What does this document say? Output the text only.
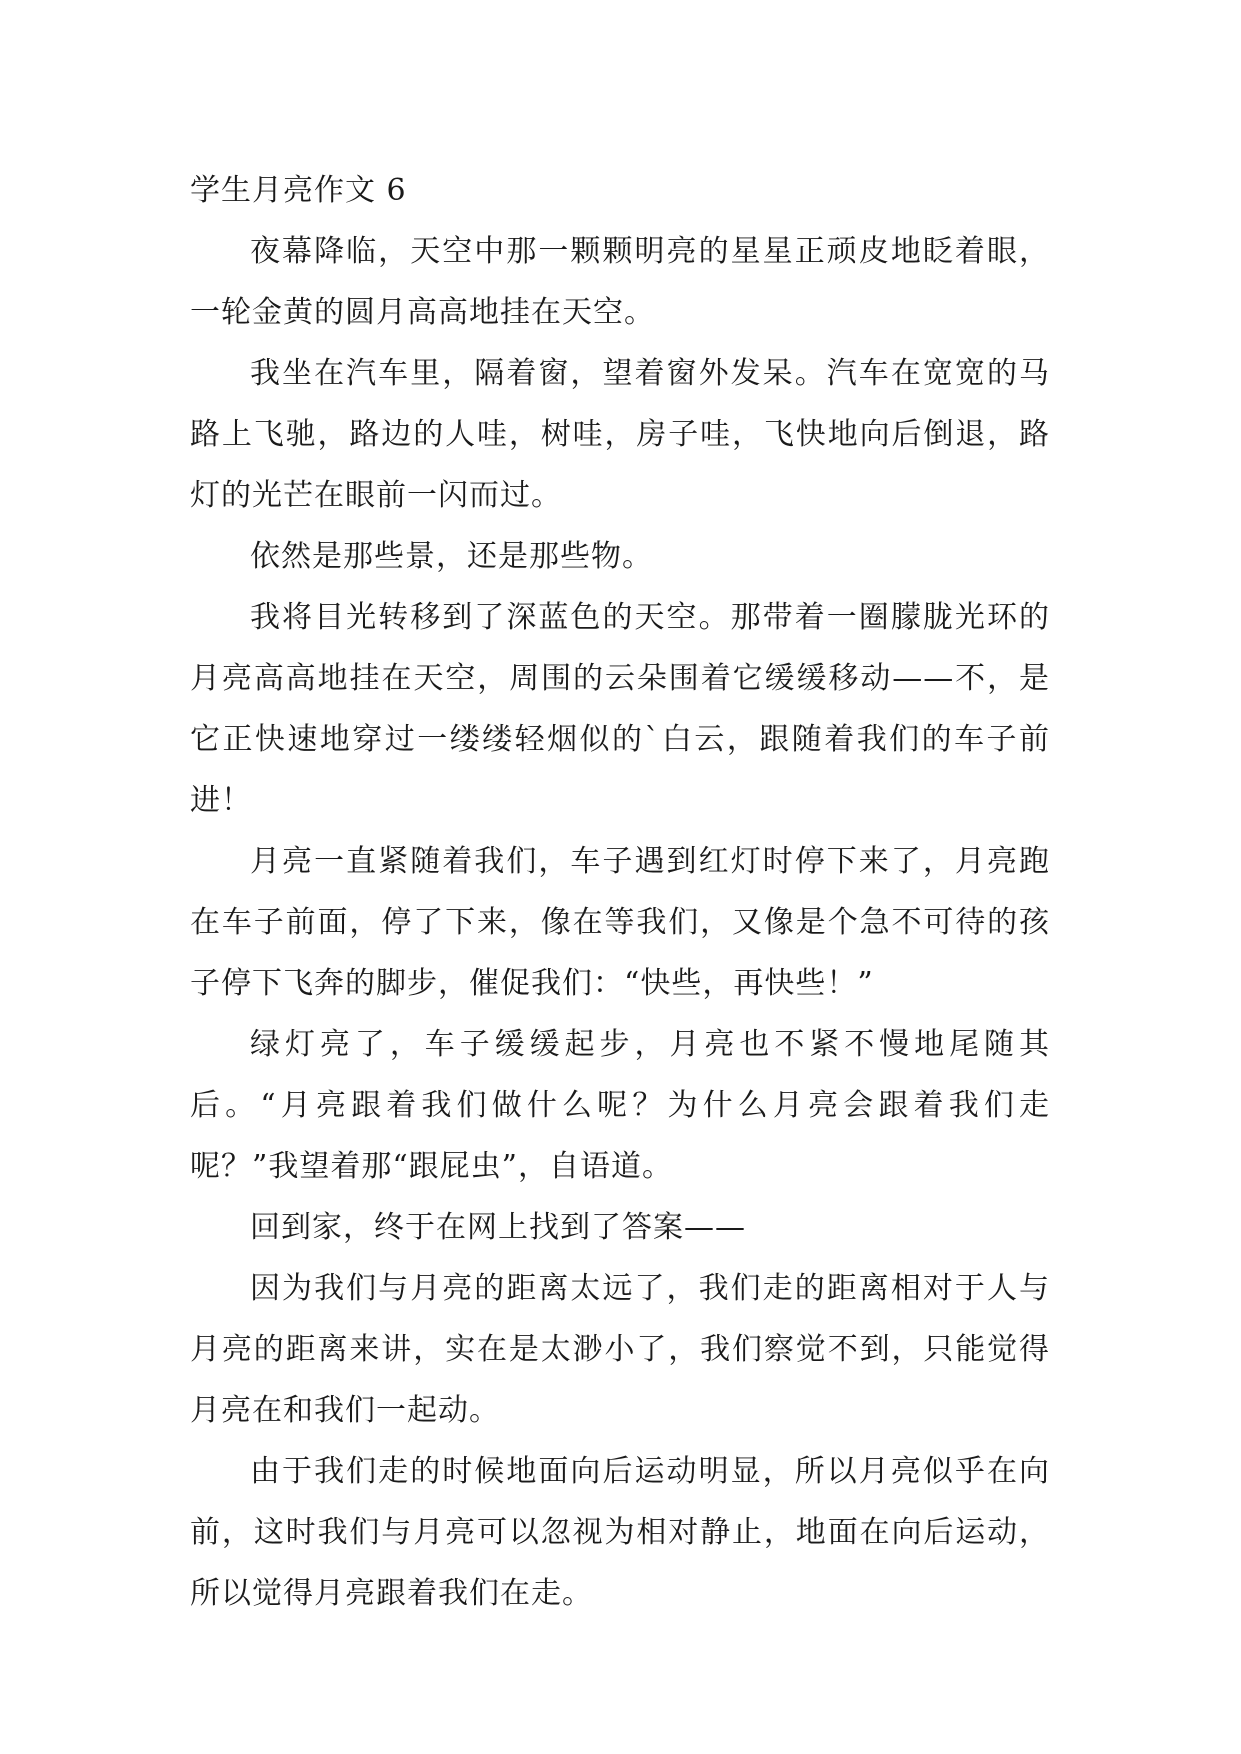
学生月亮作文 6

夜幕降临，天空中那一颗颗明亮的星星正顽皮地眨着眼，一轮金黄的圆月高高地挂在天空。

我坐在汽车里，隔着窗，望着窗外发呆。汽车在宽宽的马路上飞驰，路边的人哇，树哇，房子哇，飞快地向后倒退，路灯的光芒在眼前一闪而过。

依然是那些景，还是那些物。

我将目光转移到了深蓝色的天空。那带着一圈朦胧光环的月亮高高地挂在天空，周围的云朵围着它缓缓移动——不，是它正快速地穿过一缕缕轻烟似的`白云，跟随着我们的车子前进！

月亮一直紧随着我们，车子遇到红灯时停下来了，月亮跑在车子前面，停了下来，像在等我们，又像是个急不可待的孩子停下飞奔的脚步，催促我们：“快些，再快些！”

绿灯亮了，车子缓缓起步，月亮也不紧不慢地尾随其后。“月亮跟着我们做什么呢？为什么月亮会跟着我们走呢？”我望着那“跟屁虫”，自语道。

回到家，终于在网上找到了答案——

因为我们与月亮的距离太远了，我们走的距离相对于人与月亮的距离来讲，实在是太渺小了，我们察觉不到，只能觉得月亮在和我们一起动。

由于我们走的时候地面向后运动明显，所以月亮似乎在向前，这时我们与月亮可以忽视为相对静止，地面在向后运动，所以觉得月亮跟着我们在走。
